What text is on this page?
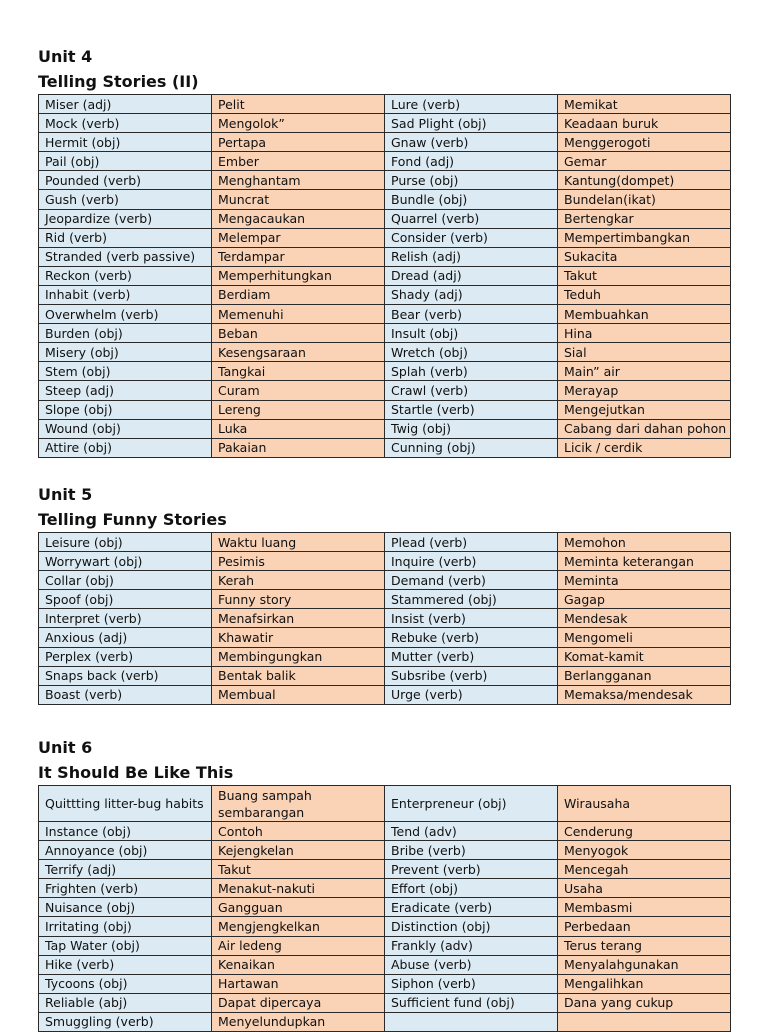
Unit 4
Telling Stories (II)
Miser (adj)	Pelit	Lure (verb)	Memikat
Mock (verb)	Mengolok”	Sad Plight (obj)	Keadaan buruk
Hermit (obj)	Pertapa	Gnaw (verb)	Menggerogoti
Pail (obj)	Ember	Fond (adj)	Gemar
Pounded (verb)	Menghantam	Purse (obj)	Kantung(dompet)
Gush (verb)	Muncrat	Bundle (obj)	Bundelan(ikat)
Jeopardize (verb)	Mengacaukan	Quarrel (verb)	Bertengkar
Rid (verb)	Melempar	Consider (verb)	Mempertimbangkan
Stranded (verb passive)	Terdampar	Relish (adj)	Sukacita
Reckon (verb)	Memperhitungkan	Dread (adj)	Takut
Inhabit (verb)	Berdiam	Shady (adj)	Teduh
Overwhelm (verb)	Memenuhi	Bear (verb)	Membuahkan
Burden (obj)	Beban	Insult (obj)	Hina
Misery (obj)	Kesengsaraan	Wretch (obj)	Sial
Stem (obj)	Tangkai	Splah (verb)	Main” air
Steep (adj)	Curam	Crawl (verb)	Merayap
Slope (obj)	Lereng	Startle (verb)	Mengejutkan
Wound (obj)	Luka	Twig (obj)	Cabang dari dahan pohon
Attire (obj)	Pakaian	Cunning (obj)	Licik / cerdik
Unit 5
Telling Funny Stories
Leisure (obj)	Waktu luang	Plead (verb)	Memohon
Worrywart (obj)	Pesimis	Inquire (verb)	Meminta keterangan
Collar (obj)	Kerah	Demand (verb)	Meminta
Spoof (obj)	Funny story	Stammered (obj)	Gagap
Interpret (verb)	Menafsirkan	Insist (verb)	Mendesak
Anxious (adj)	Khawatir	Rebuke (verb)	Mengomeli
Perplex (verb)	Membingungkan	Mutter (verb)	Komat-kamit
Snaps back (verb)	Bentak balik	Subsribe (verb)	Berlangganan
Boast (verb)	Membual	Urge (verb)	Memaksa/mendesak
Unit 6
It Should Be Like This
Quittting litter-bug habits	Buang sampah sembarangan	Enterpreneur (obj)	Wirausaha
Instance (obj)	Contoh	Tend (adv)	Cenderung
Annoyance (obj)	Kejengkelan	Bribe (verb)	Menyogok
Terrify (adj)	Takut	Prevent (verb)	Mencegah
Frighten (verb)	Menakut-nakuti	Effort (obj)	Usaha
Nuisance (obj)	Gangguan	Eradicate (verb)	Membasmi
Irritating (obj)	Mengjengkelkan	Distinction (obj)	Perbedaan
Tap Water (obj)	Air ledeng	Frankly (adv)	Terus terang
Hike (verb)	Kenaikan	Abuse (verb)	Menyalahgunakan
Tycoons (obj)	Hartawan	Siphon (verb)	Mengalihkan
Reliable (abj)	Dapat dipercaya	Sufficient fund (obj)	Dana yang cukup
Smuggling (verb)	Menyelundupkan		
